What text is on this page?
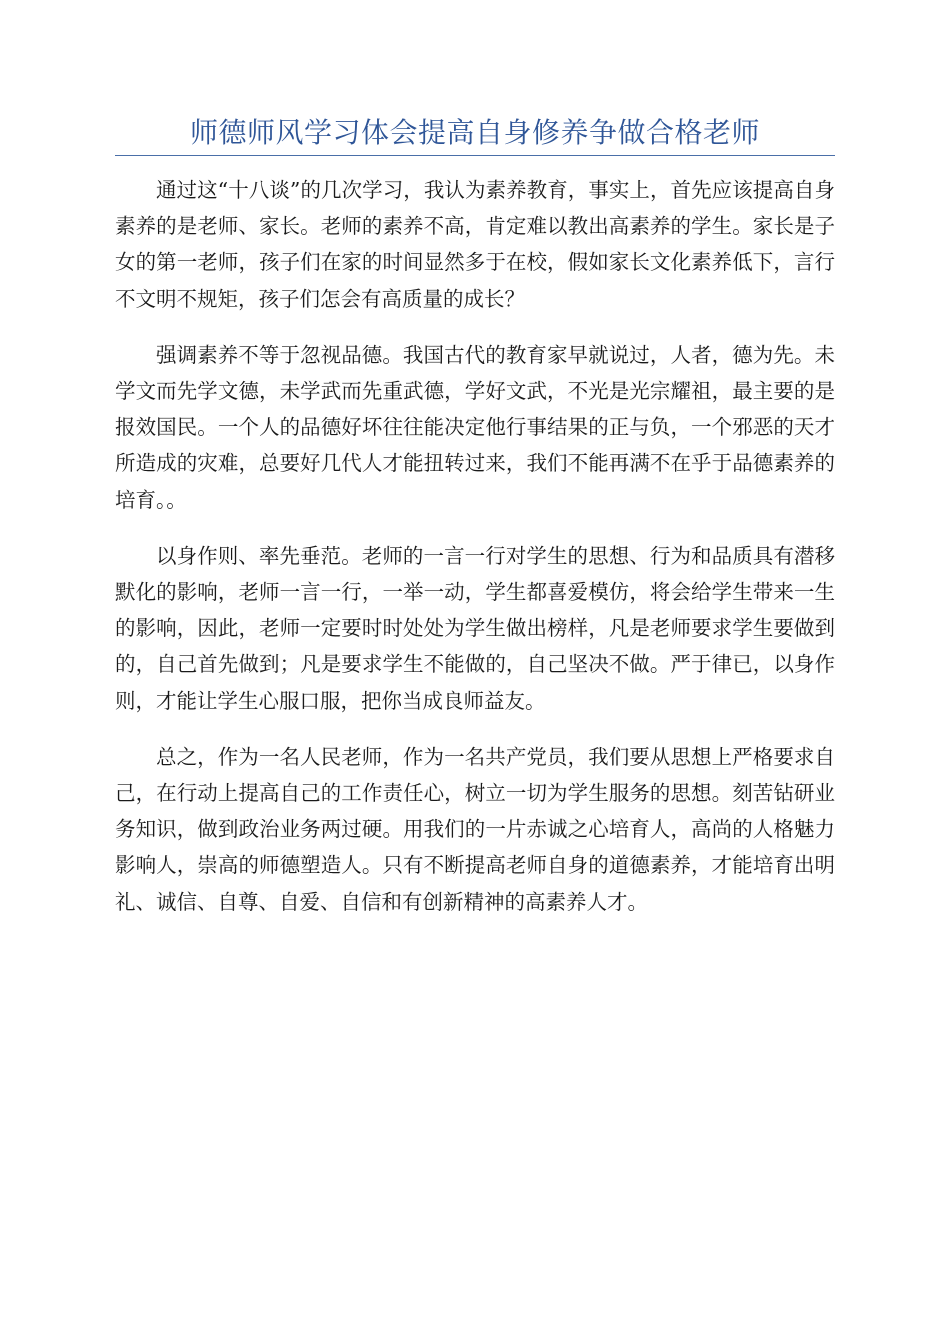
师德师风学习体会提高自身修养争做合格老师

通过这“十八谈”的几次学习，我认为素养教育，事实上，首先应该提高自身素养的是老师、家长。老师的素养不高，肯定难以教出高素养的学生。家长是子女的第一老师，孩子们在家的时间显然多于在校，假如家长文化素养低下，言行不文明不规矩，孩子们怎会有高质量的成长？

强调素养不等于忽视品德。我国古代的教育家早就说过，人者，德为先。未学文而先学文德，未学武而先重武德，学好文武，不光是光宗耀祖，最主要的是报效国民。一个人的品德好坏往往能决定他行事结果的正与负，一个邪恶的天才所造成的灾难，总要好几代人才能扭转过来，我们不能再满不在乎于品德素养的培育。。

以身作则、率先垂范。老师的一言一行对学生的思想、行为和品质具有潜移默化的影响，老师一言一行，一举一动，学生都喜爱模仿，将会给学生带来一生的影响，因此，老师一定要时时处处为学生做出榜样，凡是老师要求学生要做到的，自己首先做到；凡是要求学生不能做的，自己坚决不做。严于律已，以身作则，才能让学生心服口服，把你当成良师益友。

总之，作为一名人民老师，作为一名共产党员，我们要从思想上严格要求自己，在行动上提高自己的工作责任心，树立一切为学生服务的思想。刻苦钻研业务知识，做到政治业务两过硬。用我们的一片赤诚之心培育人，高尚的人格魅力影响人，崇高的师德塑造人。只有不断提高老师自身的道德素养，才能培育出明礼、诚信、自尊、自爱、自信和有创新精神的高素养人才。
